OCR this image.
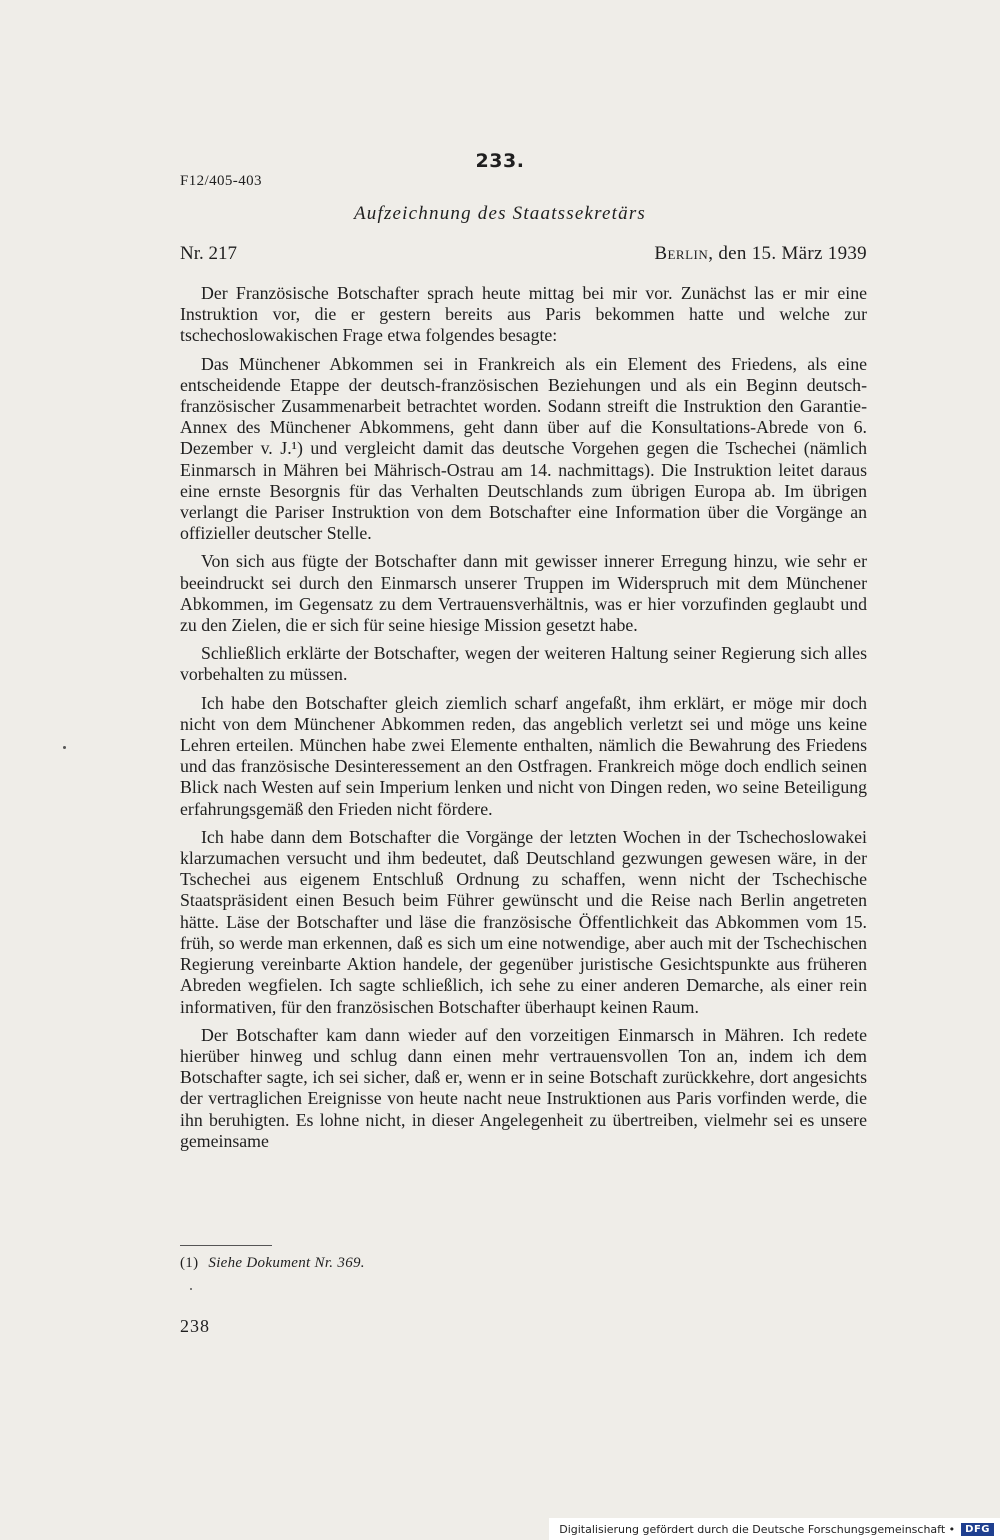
233.
F12/405-403
Aufzeichnung des Staatssekretärs
Nr. 217	Berlin, den 15. März 1939

Der Französische Botschafter sprach heute mittag bei mir vor. Zunächst las er mir eine Instruktion vor, die er gestern bereits aus Paris bekommen hatte und welche zur tschechoslowakischen Frage etwa folgendes besagte:

Das Münchener Abkommen sei in Frankreich als ein Element des Friedens, als eine entscheidende Etappe der deutsch-französischen Beziehungen und als ein Beginn deutsch-französischer Zusammenarbeit betrachtet worden. Sodann streift die Instruktion den Garantie-Annex des Münchener Abkommens, geht dann über auf die Konsultations-Abrede von 6. Dezember v. J.¹) und vergleicht damit das deutsche Vorgehen gegen die Tschechei (nämlich Einmarsch in Mähren bei Mährisch-Ostrau am 14. nachmittags). Die Instruktion leitet daraus eine ernste Besorgnis für das Verhalten Deutschlands zum übrigen Europa ab. Im übrigen verlangt die Pariser Instruktion von dem Botschafter eine Information über die Vorgänge an offizieller deutscher Stelle.

Von sich aus fügte der Botschafter dann mit gewisser innerer Erregung hinzu, wie sehr er beeindruckt sei durch den Einmarsch unserer Truppen im Widerspruch mit dem Münchener Abkommen, im Gegensatz zu dem Vertrauensverhältnis, was er hier vorzufinden geglaubt und zu den Zielen, die er sich für seine hiesige Mission gesetzt habe.

Schließlich erklärte der Botschafter, wegen der weiteren Haltung seiner Regierung sich alles vorbehalten zu müssen.

Ich habe den Botschafter gleich ziemlich scharf angefaßt, ihm erklärt, er möge mir doch nicht von dem Münchener Abkommen reden, das angeblich verletzt sei und möge uns keine Lehren erteilen. München habe zwei Elemente enthalten, nämlich die Bewahrung des Friedens und das französische Desinteressement an den Ostfragen. Frankreich möge doch endlich seinen Blick nach Westen auf sein Imperium lenken und nicht von Dingen reden, wo seine Beteiligung erfahrungsgemäß den Frieden nicht fördere.

Ich habe dann dem Botschafter die Vorgänge der letzten Wochen in der Tschechoslowakei klarzumachen versucht und ihm bedeutet, daß Deutschland gezwungen gewesen wäre, in der Tschechei aus eigenem Entschluß Ordnung zu schaffen, wenn nicht der Tschechische Staatspräsident einen Besuch beim Führer gewünscht und die Reise nach Berlin angetreten hätte. Läse der Botschafter und läse die französische Öffentlichkeit das Abkommen vom 15. früh, so werde man erkennen, daß es sich um eine notwendige, aber auch mit der Tschechischen Regierung vereinbarte Aktion handele, der gegenüber juristische Gesichtspunkte aus früheren Abreden wegfielen. Ich sagte schließlich, ich sehe zu einer anderen Demarche, als einer rein informativen, für den französischen Botschafter überhaupt keinen Raum.

Der Botschafter kam dann wieder auf den vorzeitigen Einmarsch in Mähren. Ich redete hierüber hinweg und schlug dann einen mehr vertrauensvollen Ton an, indem ich dem Botschafter sagte, ich sei sicher, daß er, wenn er in seine Botschaft zurückkehre, dort angesichts der vertraglichen Ereignisse von heute nacht neue Instruktionen aus Paris vorfinden werde, die ihn beruhigten. Es lohne nicht, in dieser Angelegenheit zu übertreiben, vielmehr sei es unsere gemeinsame

(1) Siehe Dokument Nr. 369.
238
Digitalisierung gefördert durch die Deutsche Forschungsgemeinschaft •	DFG
